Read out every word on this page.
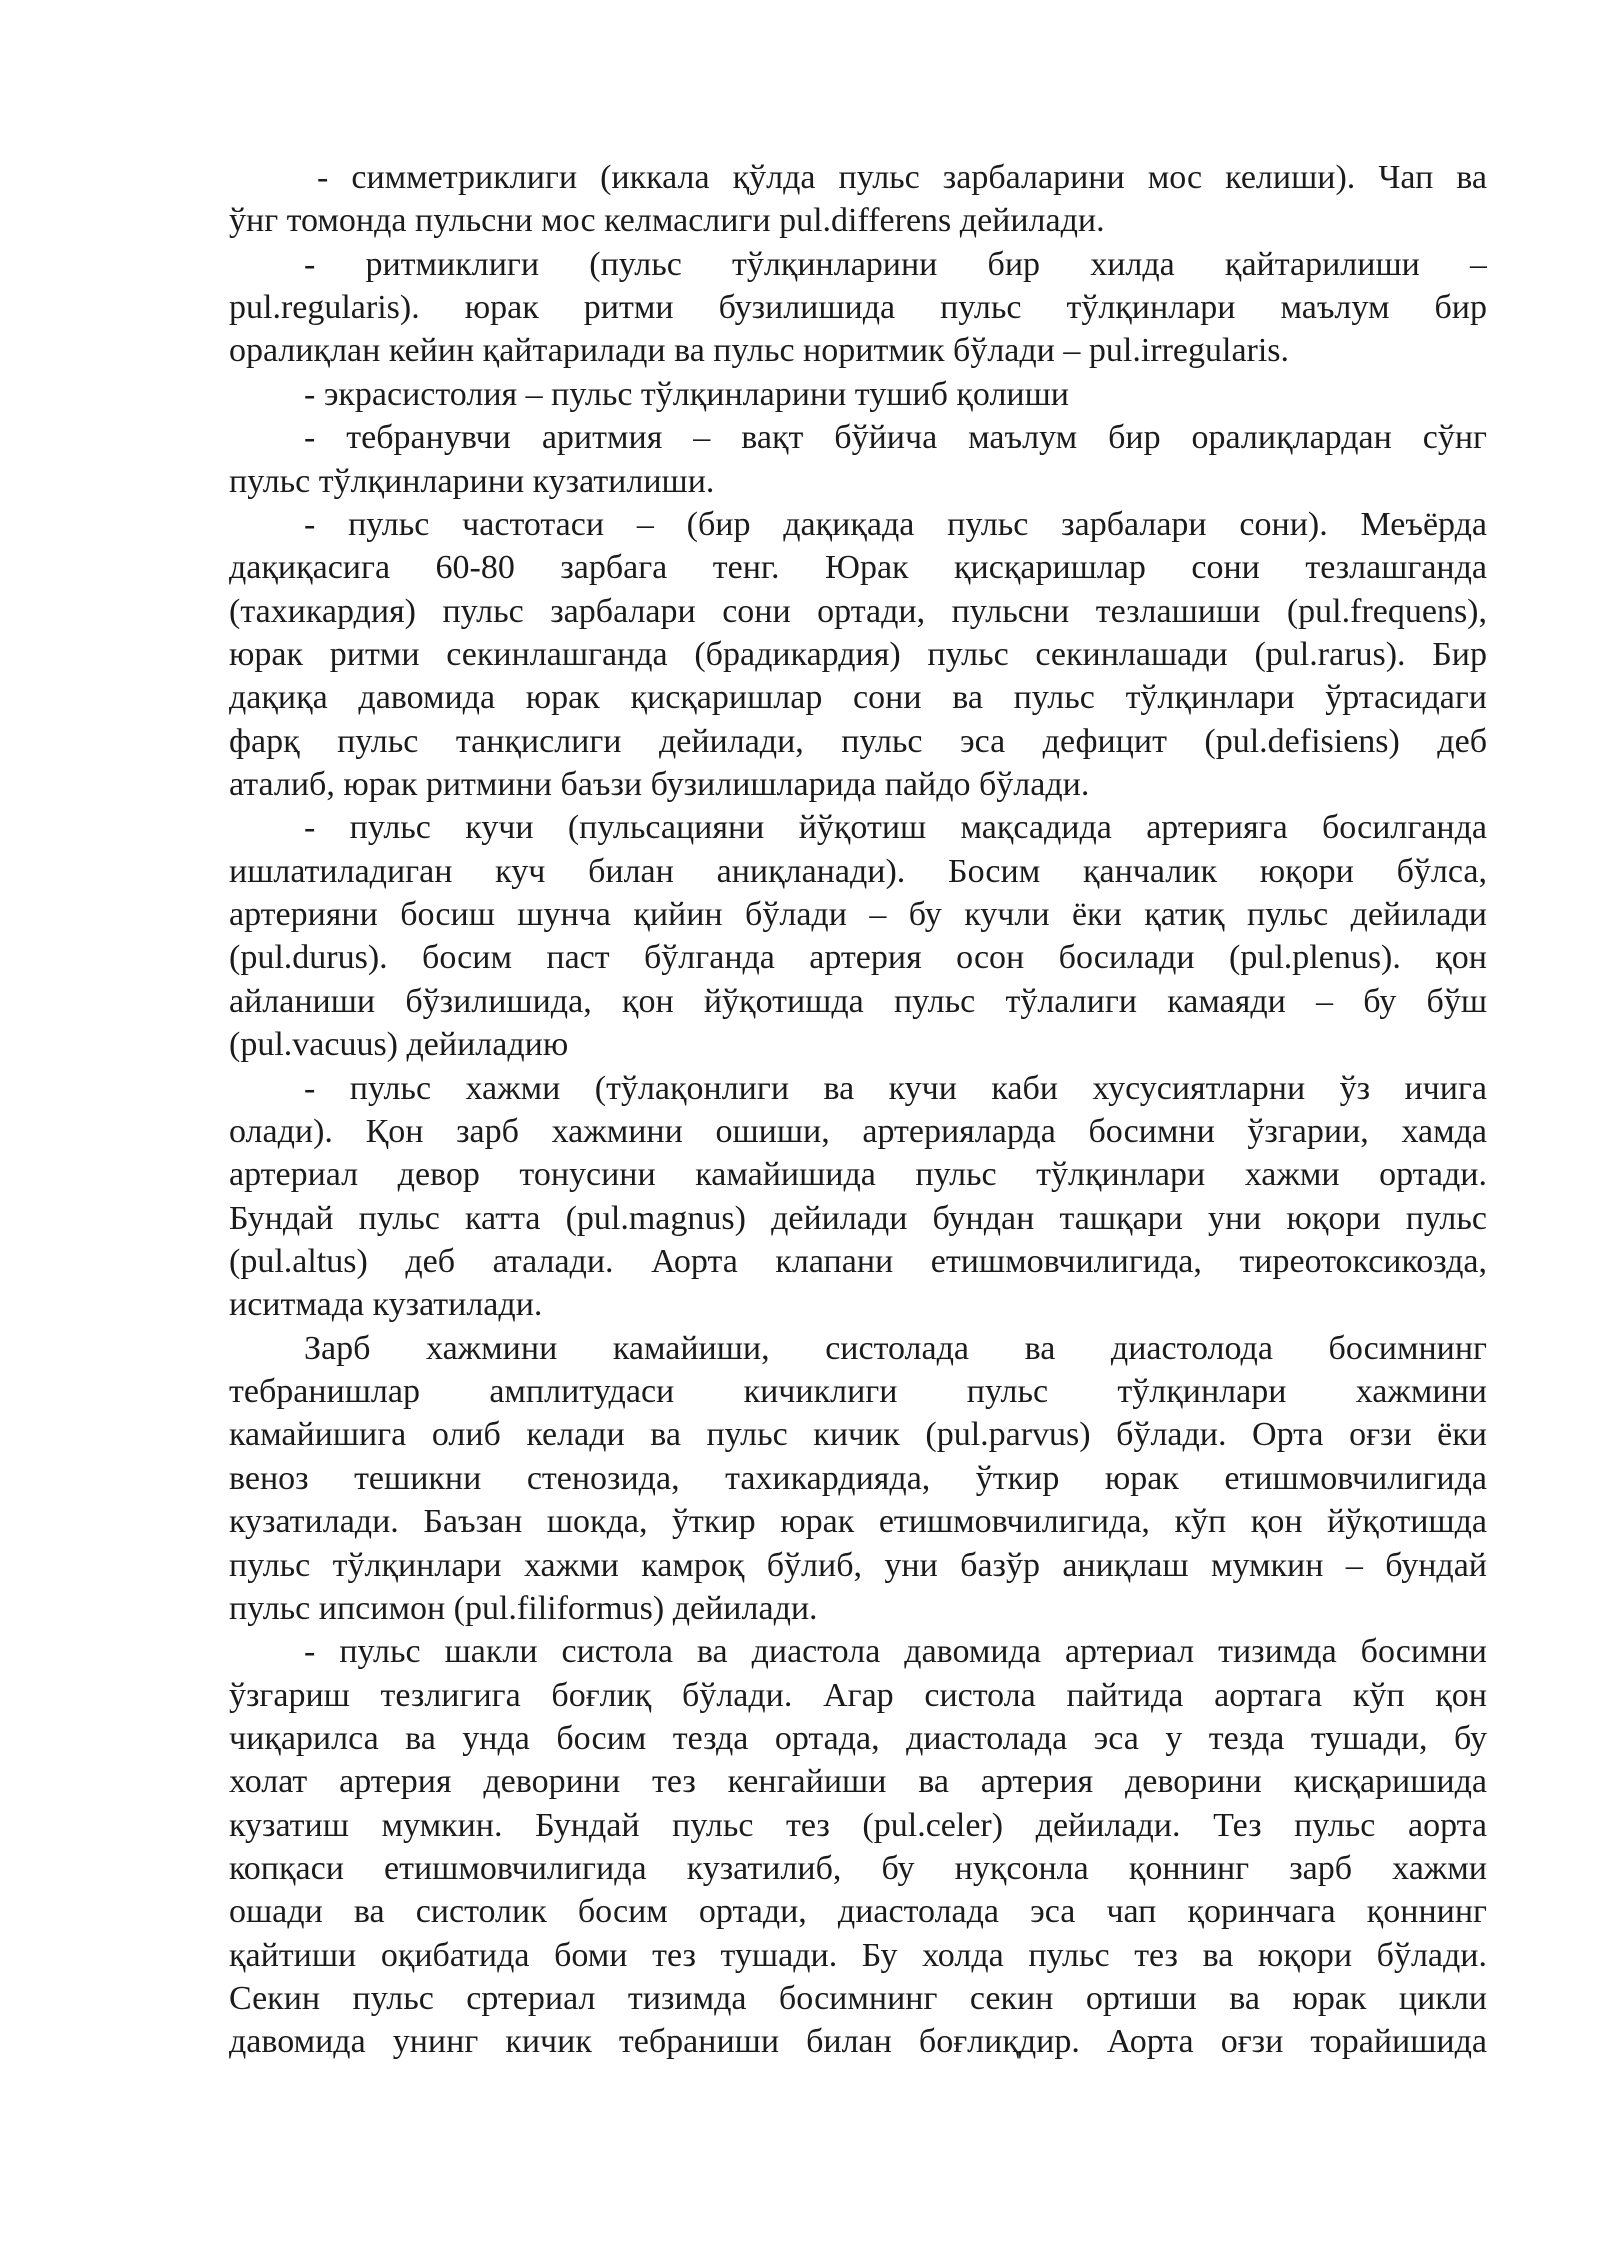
- симметриклиги (иккала қўлда пульс зарбаларини мос келиши). Чап ва
ўнг томонда пульсни мос келмаслиги pul.differens дейилади.
- ритмиклиги (пульс тўлқинларини бир хилда қайтарилиши –
pul.regularis). юрак ритми бузилишида пульс тўлқинлари маълум бир
оралиқлан кейин қайтарилади ва пульс норитмик бўлади – pul.irregularis.
- экрасистолия – пульс тўлқинларини тушиб қолиши
- тебранувчи аритмия – вақт бўйича маълум бир оралиқлардан сўнг
пульс тўлқинларини кузатилиши.
- пульс частотаси – (бир дақиқада пульс зарбалари сони). Меъёрда
дақиқасига 60-80 зарбага тенг. Юрак қисқаришлар сони тезлашганда
(тахикардия) пульс зарбалари сони ортади, пульсни тезлашиши (pul.frequens),
юрак ритми секинлашганда (брадикардия) пульс секинлашади (pul.rarus). Бир
дақиқа давомида юрак қисқаришлар сони ва пульс тўлқинлари ўртасидаги
фарқ пульс танқислиги дейилади, пульс эса дефицит (pul.defisiens) деб
аталиб, юрак ритмини баъзи бузилишларида пайдо бўлади.
- пульс кучи (пульсацияни йўқотиш мақсадида артерияга босилганда
ишлатиладиган куч билан аниқланади). Босим қанчалик юқори бўлса,
артерияни босиш шунча қийин бўлади – бу кучли ёки қатиқ пульс дейилади
(pul.durus). босим паст бўлганда артерия осон босилади (pul.plenus). қон
айланиши бўзилишида, қон йўқотишда пульс тўлалиги камаяди – бу бўш
(pul.vacuus) дейиладию
- пульс хажми (тўлақонлиги ва кучи каби хусусиятларни ўз ичига
олади). Қон зарб хажмини ошиши, артерияларда босимни ўзгарии, хамда
артериал девор тонусини камайишида пульс тўлқинлари хажми ортади.
Бундай пульс катта (pul.magnus) дейилади бундан ташқари уни юқори пульс
(pul.altus) деб аталади. Аорта клапани етишмовчилигида, тиреотоксикозда,
иситмада кузатилади.
Зарб хажмини камайиши, систолада ва диастолода босимнинг
тебранишлар амплитудаси кичиклиги пульс тўлқинлари хажмини
камайишига олиб келади ва пульс кичик (pul.parvus) бўлади. Орта оғзи ёки
веноз тешикни стенозида, тахикардияда, ўткир юрак етишмовчилигида
кузатилади. Баъзан шокда, ўткир юрак етишмовчилигида, кўп қон йўқотишда
пульс тўлқинлари хажми камроқ бўлиб, уни базўр аниқлаш мумкин – бундай
пульс ипсимон (pul.filiformus) дейилади.
- пульс шакли систола ва диастола давомида артериал тизимда босимни
ўзгариш тезлигига боғлиқ бўлади. Агар систола пайтида аортага кўп қон
чиқарилса ва унда босим тезда ортада, диастолада эса у тезда тушади, бу
холат артерия деворини тез кенгайиши ва артерия деворини қисқаришида
кузатиш мумкин. Бундай пульс тез (pul.celer) дейилади. Тез пульс аорта
копқаси етишмовчилигида кузатилиб, бу нуқсонла қоннинг зарб хажми
ошади ва систолик босим ортади, диастолада эса чап қоринчага қоннинг
қайтиши оқибатида боми тез тушади. Бу холда пульс тез ва юқори бўлади.
Секин пульс сртериал тизимда босимнинг секин ортиши ва юрак цикли
давомида унинг кичик тебраниши билан боғлиқдир. Аорта оғзи торайишида
